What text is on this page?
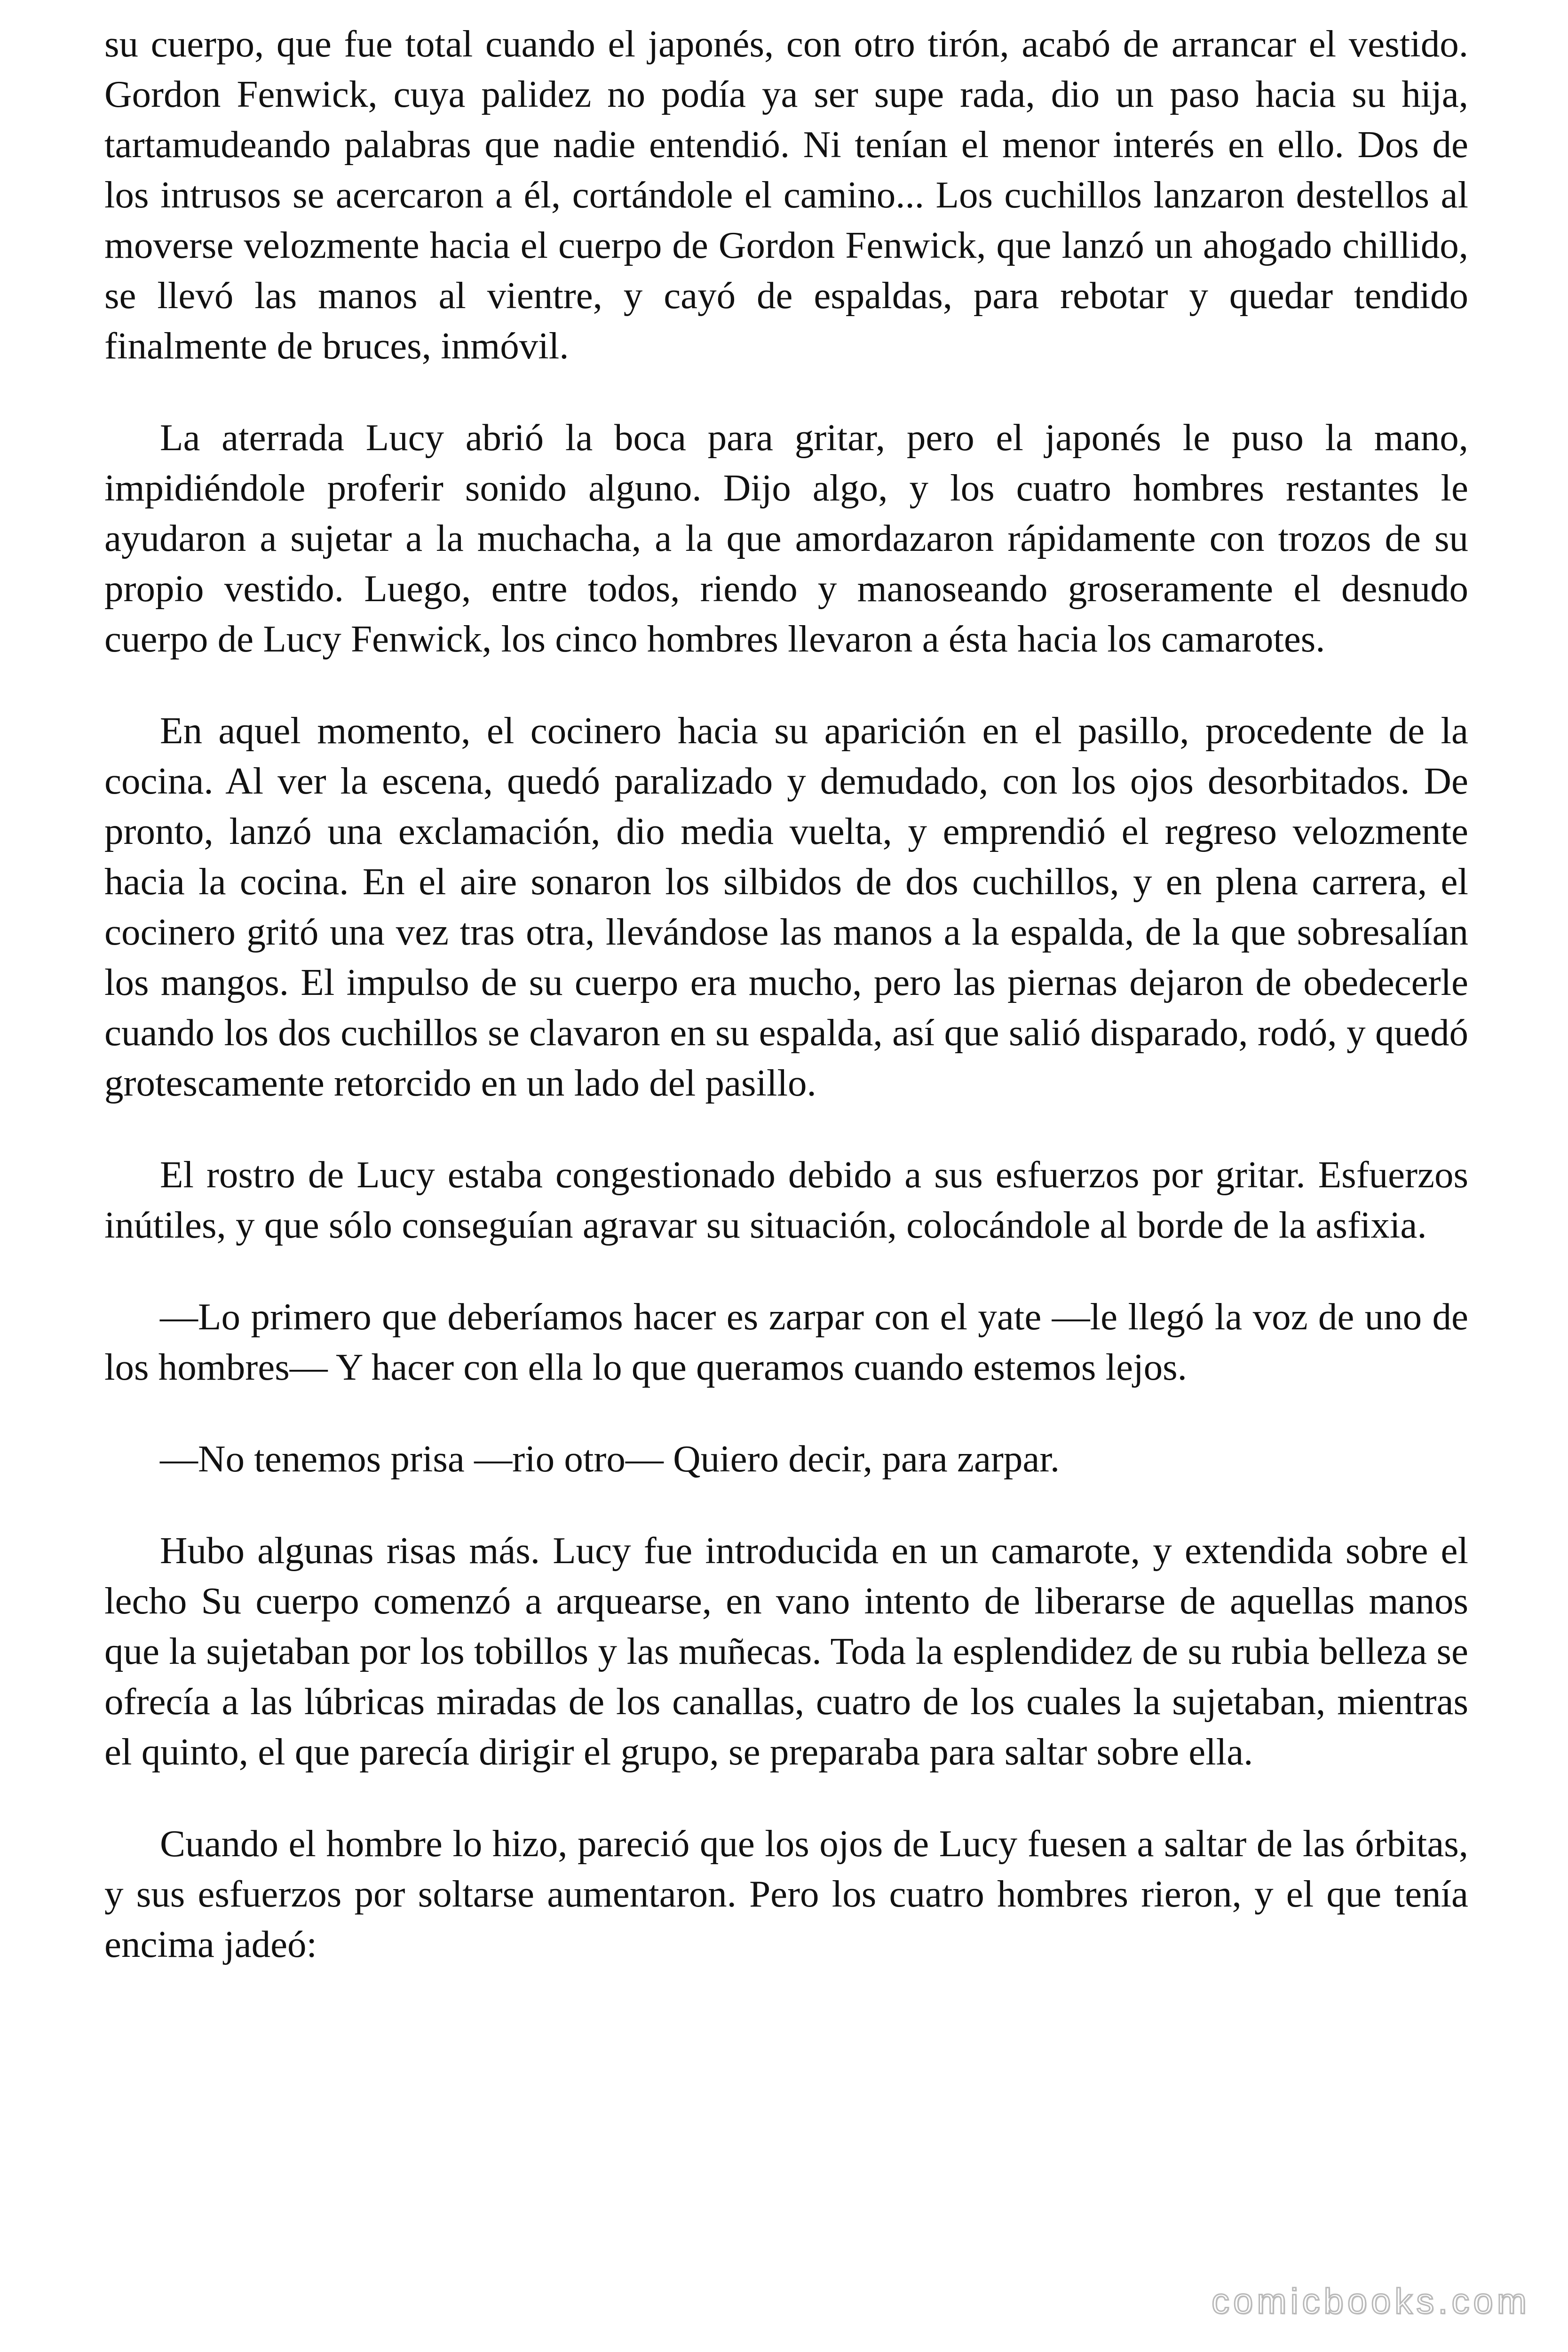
su cuerpo, que fue total cuando el japonés, con otro tirón, acabó de arrancar el vestido. Gordon Fenwick, cuya palidez no podía ya ser supe rada, dio un paso hacia su hija, tartamudeando palabras que nadie entendió. Ni tenían el menor interés en ello. Dos de los intrusos se acercaron a él, cortándole el camino... Los cuchillos lanzaron destellos al moverse velozmente hacia el cuerpo de Gordon Fenwick, que lanzó un ahogado chillido, se llevó las manos al vientre, y cayó de espaldas, para rebotar y quedar tendido finalmente de bruces, inmóvil.

La aterrada Lucy abrió la boca para gritar, pero el japonés le puso la mano, impidiéndole proferir sonido alguno. Dijo algo, y los cuatro hombres restantes le ayudaron a sujetar a la muchacha, a la que amordazaron rápidamente con trozos de su propio vestido. Luego, entre todos, riendo y manoseando groseramente el desnudo cuerpo de Lucy Fenwick, los cinco hombres llevaron a ésta hacia los camarotes.

En aquel momento, el cocinero hacia su aparición en el pasillo, procedente de la cocina. Al ver la escena, quedó paralizado y demudado, con los ojos desorbitados. De pronto, lanzó una exclamación, dio media vuelta, y emprendió el regreso velozmente hacia la cocina. En el aire sonaron los silbidos de dos cuchillos, y en plena carrera, el cocinero gritó una vez tras otra, llevándose las manos a la espalda, de la que sobresalían los mangos. El impulso de su cuerpo era mucho, pero las piernas dejaron de obedecerle cuando los dos cuchillos se clavaron en su espalda, así que salió disparado, rodó, y quedó grotescamente retorcido en un lado del pasillo.

El rostro de Lucy estaba congestionado debido a sus esfuerzos por gritar. Esfuerzos inútiles, y que sólo conseguían agravar su situación, colocándole al borde de la asfixia.

—Lo primero que deberíamos hacer es zarpar con el yate —le llegó la voz de uno de los hombres— Y hacer con ella lo que queramos cuando estemos lejos.

—No tenemos prisa —rio otro— Quiero decir, para zarpar.

Hubo algunas risas más. Lucy fue introducida en un camarote, y extendida sobre el lecho Su cuerpo comenzó a arquearse, en vano intento de liberarse de aquellas manos que la sujetaban por los tobillos y las muñecas. Toda la esplendidez de su rubia belleza se ofrecía a las lúbricas miradas de los canallas, cuatro de los cuales la sujetaban, mientras el quinto, el que parecía dirigir el grupo, se preparaba para saltar sobre ella.

Cuando el hombre lo hizo, pareció que los ojos de Lucy fuesen a saltar de las órbitas, y sus esfuerzos por soltarse aumentaron. Pero los cuatro hombres rieron, y el que tenía encima jadeó:

comicbooks.com
